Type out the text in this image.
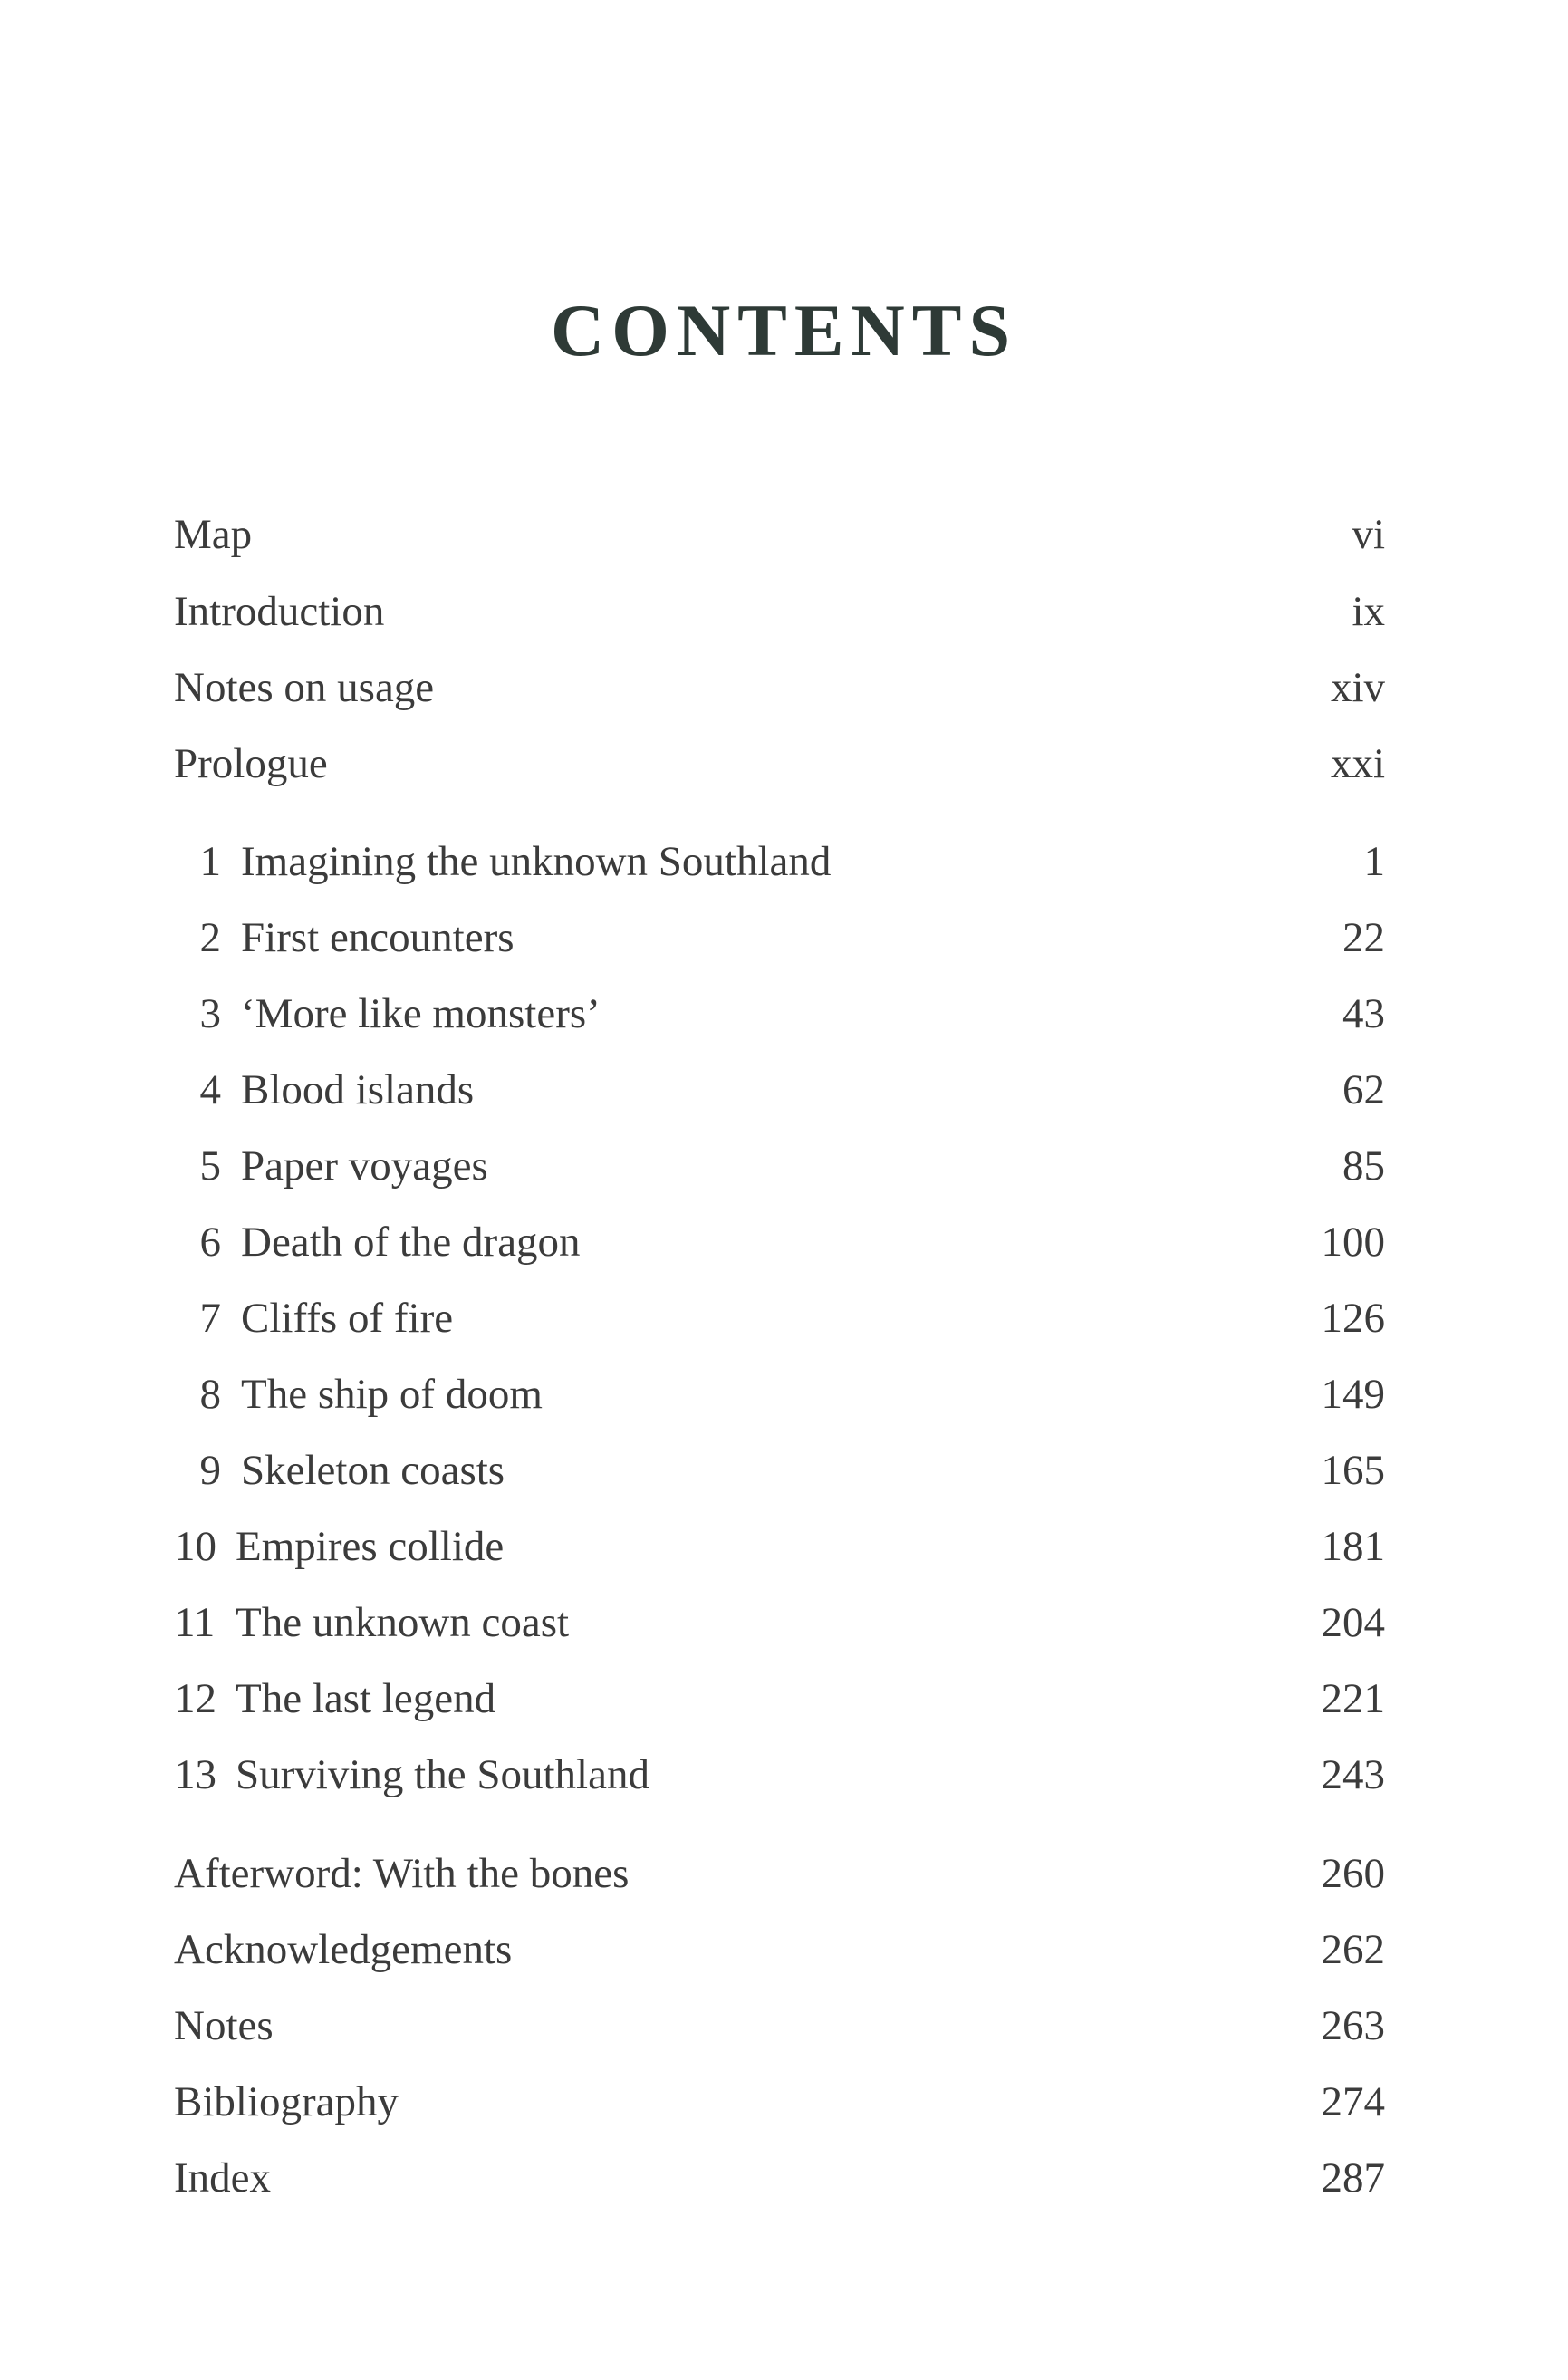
CONTENTS
Map	vi
Introduction	ix
Notes on usage	xiv
Prologue	xxi
1 Imagining the unknown Southland	1
2 First encounters	22
3 ‘More like monsters’	43
4 Blood islands	62
5 Paper voyages	85
6 Death of the dragon	100
7 Cliffs of fire	126
8 The ship of doom	149
9 Skeleton coasts	165
10 Empires collide	181
11 The unknown coast	204
12 The last legend	221
13 Surviving the Southland	243
Afterword: With the bones	260
Acknowledgements	262
Notes	263
Bibliography	274
Index	287
